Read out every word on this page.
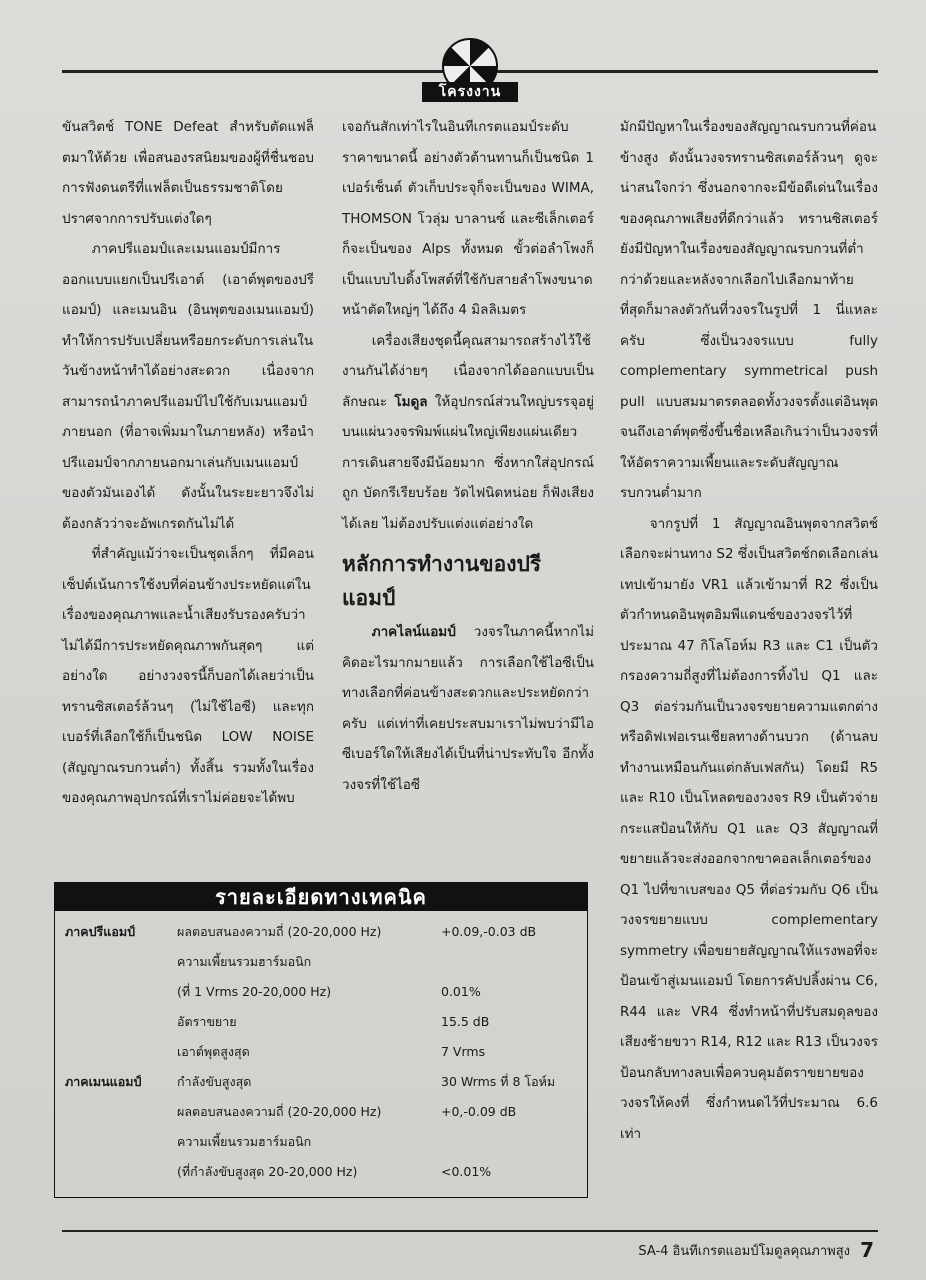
โครงงาน

ขันสวิตช์ TONE Defeat สำหรับตัดแฟล็ตมาให้ด้วย เพื่อสนองรสนิยมของผู้ที่ชื่นชอบการฟังดนตรีที่แฟล็ตเป็นธรรมชาติโดยปราศจากการปรับแต่งใดๆ

ภาคปรีแอมป์และเมนแอมป์มีการออกแบบแยกเป็นปรีเอาต์ (เอาต์พุตของปรีแอมป์) และเมนอิน (อินพุตของเมนแอมป์) ทำให้การปรับเปลี่ยนหรือยกระดับการเล่นในวันข้างหน้าทำได้อย่างสะดวก เนื่องจากสามารถนำภาคปรีแอมป์ไปใช้กับเมนแอมป์ภายนอก (ที่อาจเพิ่มมาในภายหลัง) หรือนำปรีแอมป์จากภายนอกมาเล่นกับเมนแอมป์ของตัวมันเองได้ ดังนั้นในระยะยาวจึงไม่ต้องกลัวว่าจะอัพเกรดกันไม่ได้

ที่สำคัญแม้ว่าจะเป็นชุดเล็กๆ ที่มีคอนเซ็ปต์เน้นการใช้งบที่ค่อนข้างประหยัดแต่ในเรื่องของคุณภาพและน้ำเสียงรับรองครับว่าไม่ได้มีการประหยัดคุณภาพกันสุดๆ แต่อย่างใด อย่างวงจรนี้ก็บอกได้เลยว่าเป็นทรานซิสเตอร์ล้วนๆ (ไม่ใช้ไอซี) และทุกเบอร์ที่เลือกใช้ก็เป็นชนิด LOW NOISE (สัญญาณรบกวนต่ำ) ทั้งสิ้น รวมทั้งในเรื่องของคุณภาพอุปกรณ์ที่เราไม่ค่อยจะได้พบ

เจอกันสักเท่าไรในอินทีเกรตแอมป์ระดับราคาขนาดนี้ อย่างตัวต้านทานก็เป็นชนิด 1 เปอร์เซ็นต์ ตัวเก็บประจุก็จะเป็นของ WIMA, THOMSON โวลุ่ม บาลานซ์ และซีเล็กเตอร์ก็จะเป็นของ Alps ทั้งหมด ขั้วต่อลำโพงก็เป็นแบบไบดิ้งโพสต์ที่ใช้กับสายลำโพงขนาดหน้าตัดใหญ่ๆ ได้ถึง 4 มิลลิเมตร

เครื่องเสียงชุดนี้คุณสามารถสร้างไว้ใช้งานกันได้ง่ายๆ เนื่องจากได้ออกแบบเป็นลักษณะ โมดูล ให้อุปกรณ์ส่วนใหญ่บรรจุอยู่บนแผ่นวงจรพิมพ์แผ่นใหญ่เพียงแผ่นเดียว การเดินสายจึงมีน้อยมาก ซึ่งหากใส่อุปกรณ์ถูก บัดกรีเรียบร้อย วัดไฟนิดหน่อย ก็ฟังเสียงได้เลย ไม่ต้องปรับแต่งแต่อย่างใด

หลักการทำงานของปรีแอมป์

ภาคไลน์แอมป์ วงจรในภาคนี้หากไม่คิดอะไรมากมายแล้ว การเลือกใช้ไอซีเป็นทางเลือกที่ค่อนข้างสะดวกและประหยัดกว่าครับ แต่เท่าที่เคยประสบมาเราไม่พบว่ามีไอซีเบอร์ใดให้เสียงได้เป็นที่น่าประทับใจ อีกทั้งวงจรที่ใช้ไอซี

มักมีปัญหาในเรื่องของสัญญาณรบกวนที่ค่อนข้างสูง ดังนั้นวงจรทรานซิสเตอร์ล้วนๆ ดูจะน่าสนใจกว่า ซึ่งนอกจากจะมีข้อดีเด่นในเรื่องของคุณภาพเสียงที่ดีกว่าแล้ว ทรานซิสเตอร์ยังมีปัญหาในเรื่องของสัญญาณรบกวนที่ต่ำกว่าด้วยและหลังจากเลือกไปเลือกมาท้ายที่สุดก็มาลงตัวกันที่วงจรในรูปที่ 1 นี่แหละครับ ซึ่งเป็นวงจรแบบ fully complementary symmetrical push pull แบบสมมาตรตลอดทั้งวงจรตั้งแต่อินพุตจนถึงเอาต์พุตซึ่งขึ้นชื่อเหลือเกินว่าเป็นวงจรที่ให้อัตราความเพี้ยนและระดับสัญญาณรบกวนต่ำมาก

จากรูปที่ 1 สัญญาณอินพุตจากสวิตช์เลือกจะผ่านทาง S2 ซึ่งเป็นสวิตช์กดเลือกเล่นเทปเข้ามายัง VR1 แล้วเข้ามาที่ R2 ซึ่งเป็นตัวกำหนดอินพุตอิมพีแดนซ์ของวงจรไว้ที่ประมาณ 47 กิโลโอห์ม R3 และ C1 เป็นตัวกรองความถี่สูงที่ไม่ต้องการทิ้งไป Q1 และ Q3 ต่อร่วมกันเป็นวงจรขยายความแตกต่างหรือดิฟเฟอเรนเชียลทางด้านบวก (ด้านลบทำงานเหมือนกันแต่กลับเฟสกัน) โดยมี R5 และ R10 เป็นโหลดของวงจร R9 เป็นตัวจ่ายกระแสป้อนให้กับ Q1 และ Q3 สัญญาณที่ขยายแล้วจะส่งออกจากขาคอลเล็กเตอร์ของ Q1 ไปที่ขาเบสของ Q5 ที่ต่อร่วมกับ Q6 เป็นวงจรขยายแบบ complementary symmetry เพื่อขยายสัญญาณให้แรงพอที่จะป้อนเข้าสู่เมนแอมป์ โดยการคัปปลิ้งผ่าน C6, R44 และ VR4 ซึ่งทำหน้าที่ปรับสมดุลของเสียงซ้ายขวา R14, R12 และ R13 เป็นวงจรป้อนกลับทางลบเพื่อควบคุมอัตราขยายของวงจรให้คงที่ ซึ่งกำหนดไว้ที่ประมาณ 6.6 เท่า

รายละเอียดทางเทคนิค
ภาคปรีแอมป์	ผลตอบสนองความถี่ (20-20,000 Hz)	+0.09,-0.03 dB
ความเพี้ยนรวมฮาร์มอนิก
(ที่ 1 Vrms 20-20,000 Hz)	0.01%
อัตราขยาย	15.5 dB
เอาต์พุตสูงสุด	7 Vrms
ภาคเมนแอมป์	กำลังขับสูงสุด	30 Wrms ที่ 8 โอห์ม
ผลตอบสนองความถี่ (20-20,000 Hz)	+0,-0.09 dB
ความเพี้ยนรวมฮาร์มอนิก
(ที่กำลังขับสูงสุด 20-20,000 Hz)	<0.01%
SA-4 อินทีเกรตแอมป์โมดูลคุณภาพสูง 7
